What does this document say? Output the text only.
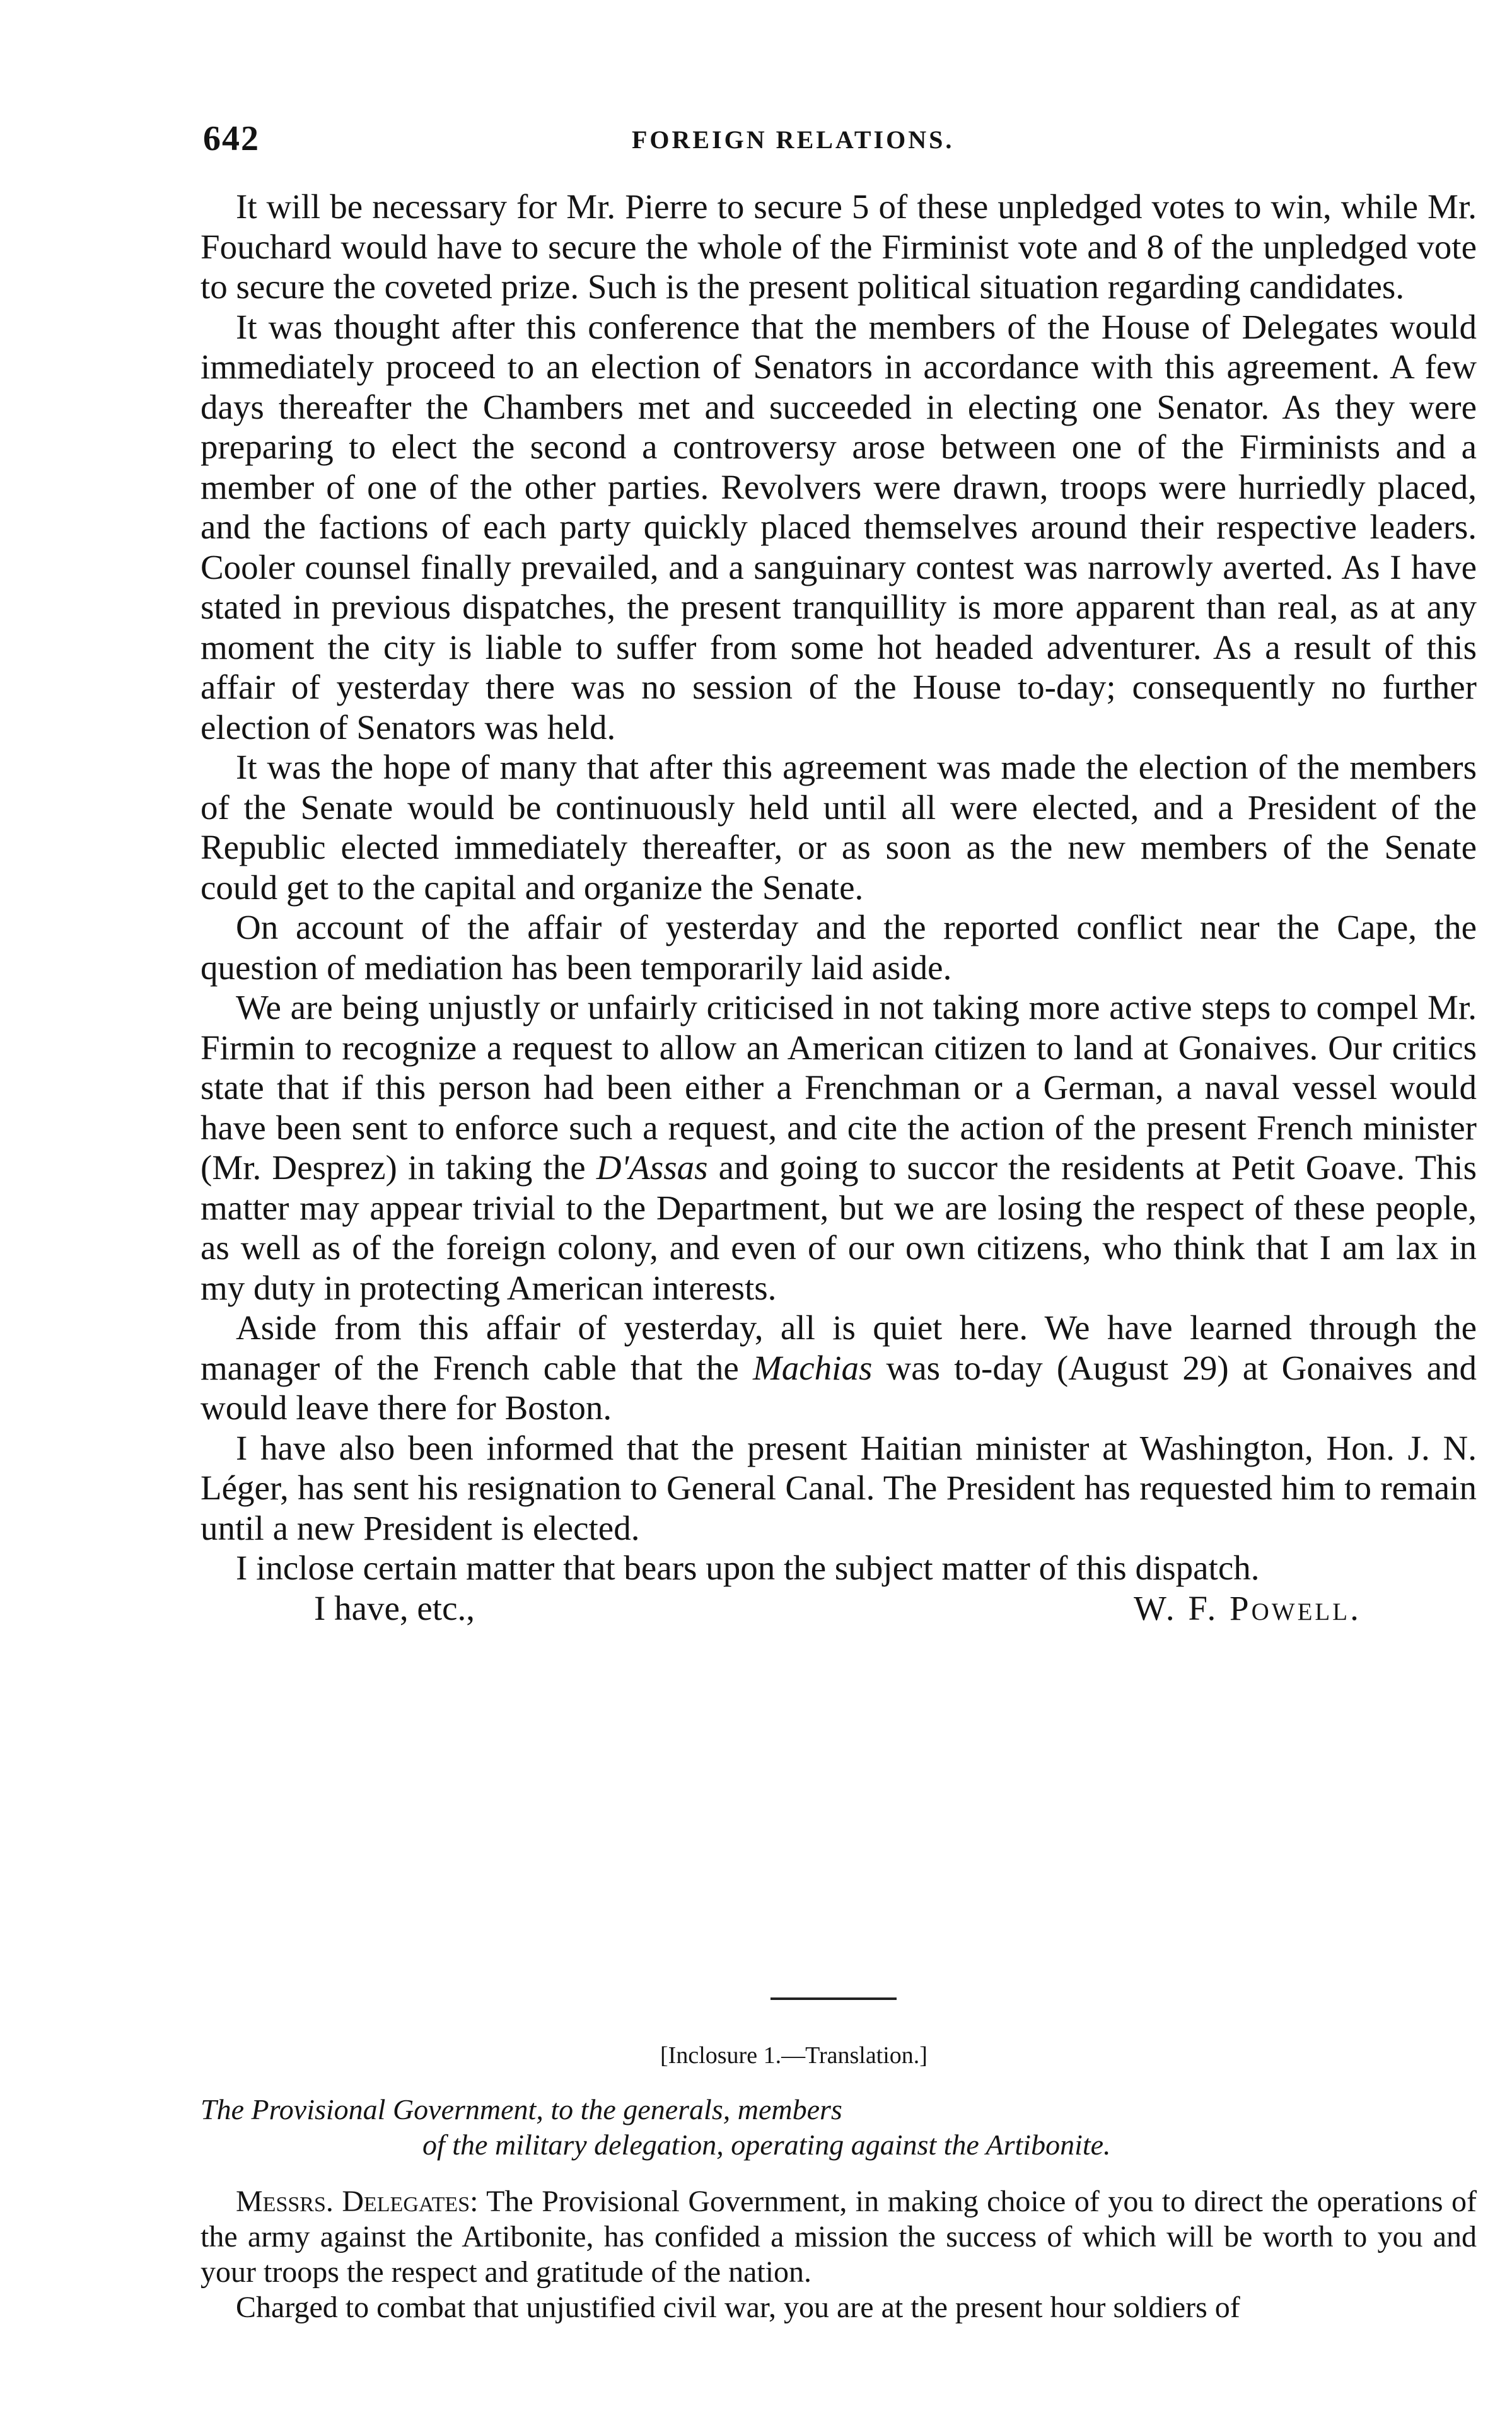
642	FOREIGN RELATIONS.

It will be necessary for Mr. Pierre to secure 5 of these unpledged votes to win, while Mr. Fouchard would have to secure the whole of the Firminist vote and 8 of the unpledged vote to secure the coveted prize. Such is the present political situation regarding candidates.

It was thought after this conference that the members of the House of Delegates would immediately proceed to an election of Senators in accordance with this agreement. A few days thereafter the Chambers met and succeeded in electing one Senator. As they were preparing to elect the second a controversy arose between one of the Firminists and a member of one of the other parties. Revolvers were drawn, troops were hurriedly placed, and the factions of each party quickly placed themselves around their respective leaders. Cooler counsel finally prevailed, and a sanguinary contest was narrowly averted. As I have stated in previous dispatches, the present tranquillity is more apparent than real, as at any moment the city is liable to suffer from some hot headed adventurer. As a result of this affair of yesterday there was no session of the House to-day; consequently no further election of Senators was held.

It was the hope of many that after this agreement was made the election of the members of the Senate would be continuously held until all were elected, and a President of the Republic elected immediately thereafter, or as soon as the new members of the Senate could get to the capital and organize the Senate.

On account of the affair of yesterday and the reported conflict near the Cape, the question of mediation has been temporarily laid aside.

We are being unjustly or unfairly criticised in not taking more active steps to compel Mr. Firmin to recognize a request to allow an American citizen to land at Gonaives. Our critics state that if this person had been either a Frenchman or a German, a naval vessel would have been sent to enforce such a request, and cite the action of the present French minister (Mr. Desprez) in taking the D'Assas and going to succor the residents at Petit Goave. This matter may appear trivial to the Department, but we are losing the respect of these people, as well as of the foreign colony, and even of our own citizens, who think that I am lax in my duty in protecting American interests.

Aside from this affair of yesterday, all is quiet here. We have learned through the manager of the French cable that the Machias was to-day (August 29) at Gonaives and would leave there for Boston.

I have also been informed that the present Haitian minister at Washington, Hon. J. N. Léger, has sent his resignation to General Canal. The President has requested him to remain until a new President is elected.

I inclose certain matter that bears upon the subject matter of this dispatch.

I have, etc.,	W. F. Powell.
[Inclosure 1.—Translation.]
The Provisional Government, to the generals, members
of the military delegation, operating against the Artibonite.

Messrs. Delegates: The Provisional Government, in making choice of you to direct the operations of the army against the Artibonite, has confided a mission the success of which will be worth to you and your troops the respect and gratitude of the nation.

Charged to combat that unjustified civil war, you are at the present hour soldiers of
